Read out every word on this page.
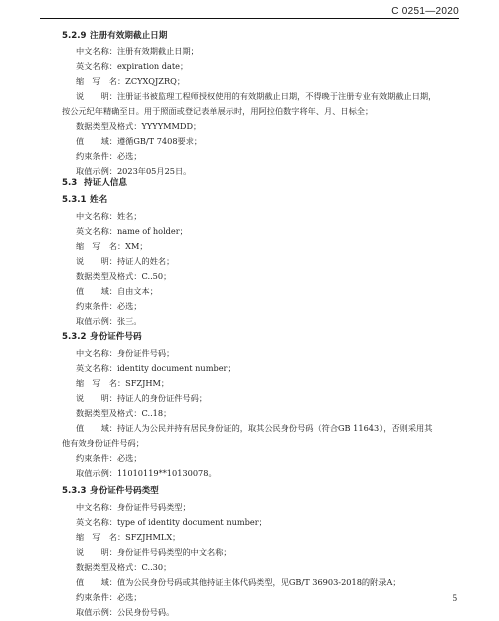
C 0251—2020
5.2.9 注册有效期截止日期
中文名称：注册有效期截止日期；
英文名称：expiration date；
缩　写　名：ZCYXQJZRQ；
说　　明：注册证书被监理工程师授权使用的有效期截止日期，不得晚于注册专业有效期截止日期，
按公元纪年精确至日。用于照面或登记表单展示时，用阿拉伯数字将年、月、日标全；
数据类型及格式：YYYYMMDD；
值　　域：遵循GB/T 7408要求；
约束条件：必选；
取值示例：2023年05月25日。
5.3 持证人信息
5.3.1 姓名
中文名称：姓名；
英文名称：name of holder；
缩　写　名：XM；
说　　明：持证人的姓名；
数据类型及格式：C..50；
值　　域：自由文本；
约束条件：必选；
取值示例：张三。
5.3.2 身份证件号码
中文名称：身份证件号码；
英文名称：identity document number；
缩　写　名：SFZJHM；
说　　明：持证人的身份证件号码；
数据类型及格式：C..18；
值　　域：持证人为公民并持有居民身份证的，取其公民身份号码（符合GB 11643），否则采用其
他有效身份证件号码；
约束条件：必选；
取值示例：11010119**10130078。
5.3.3 身份证件号码类型
中文名称：身份证件号码类型；
英文名称：type of identity document number；
缩　写　名：SFZJHMLX；
说　　明：身份证件号码类型的中文名称；
数据类型及格式：C..30；
值　　域：值为公民身份号码或其他持证主体代码类型，见GB/T 36903-2018的附录A；
约束条件：必选；
取值示例：公民身份号码。
5
